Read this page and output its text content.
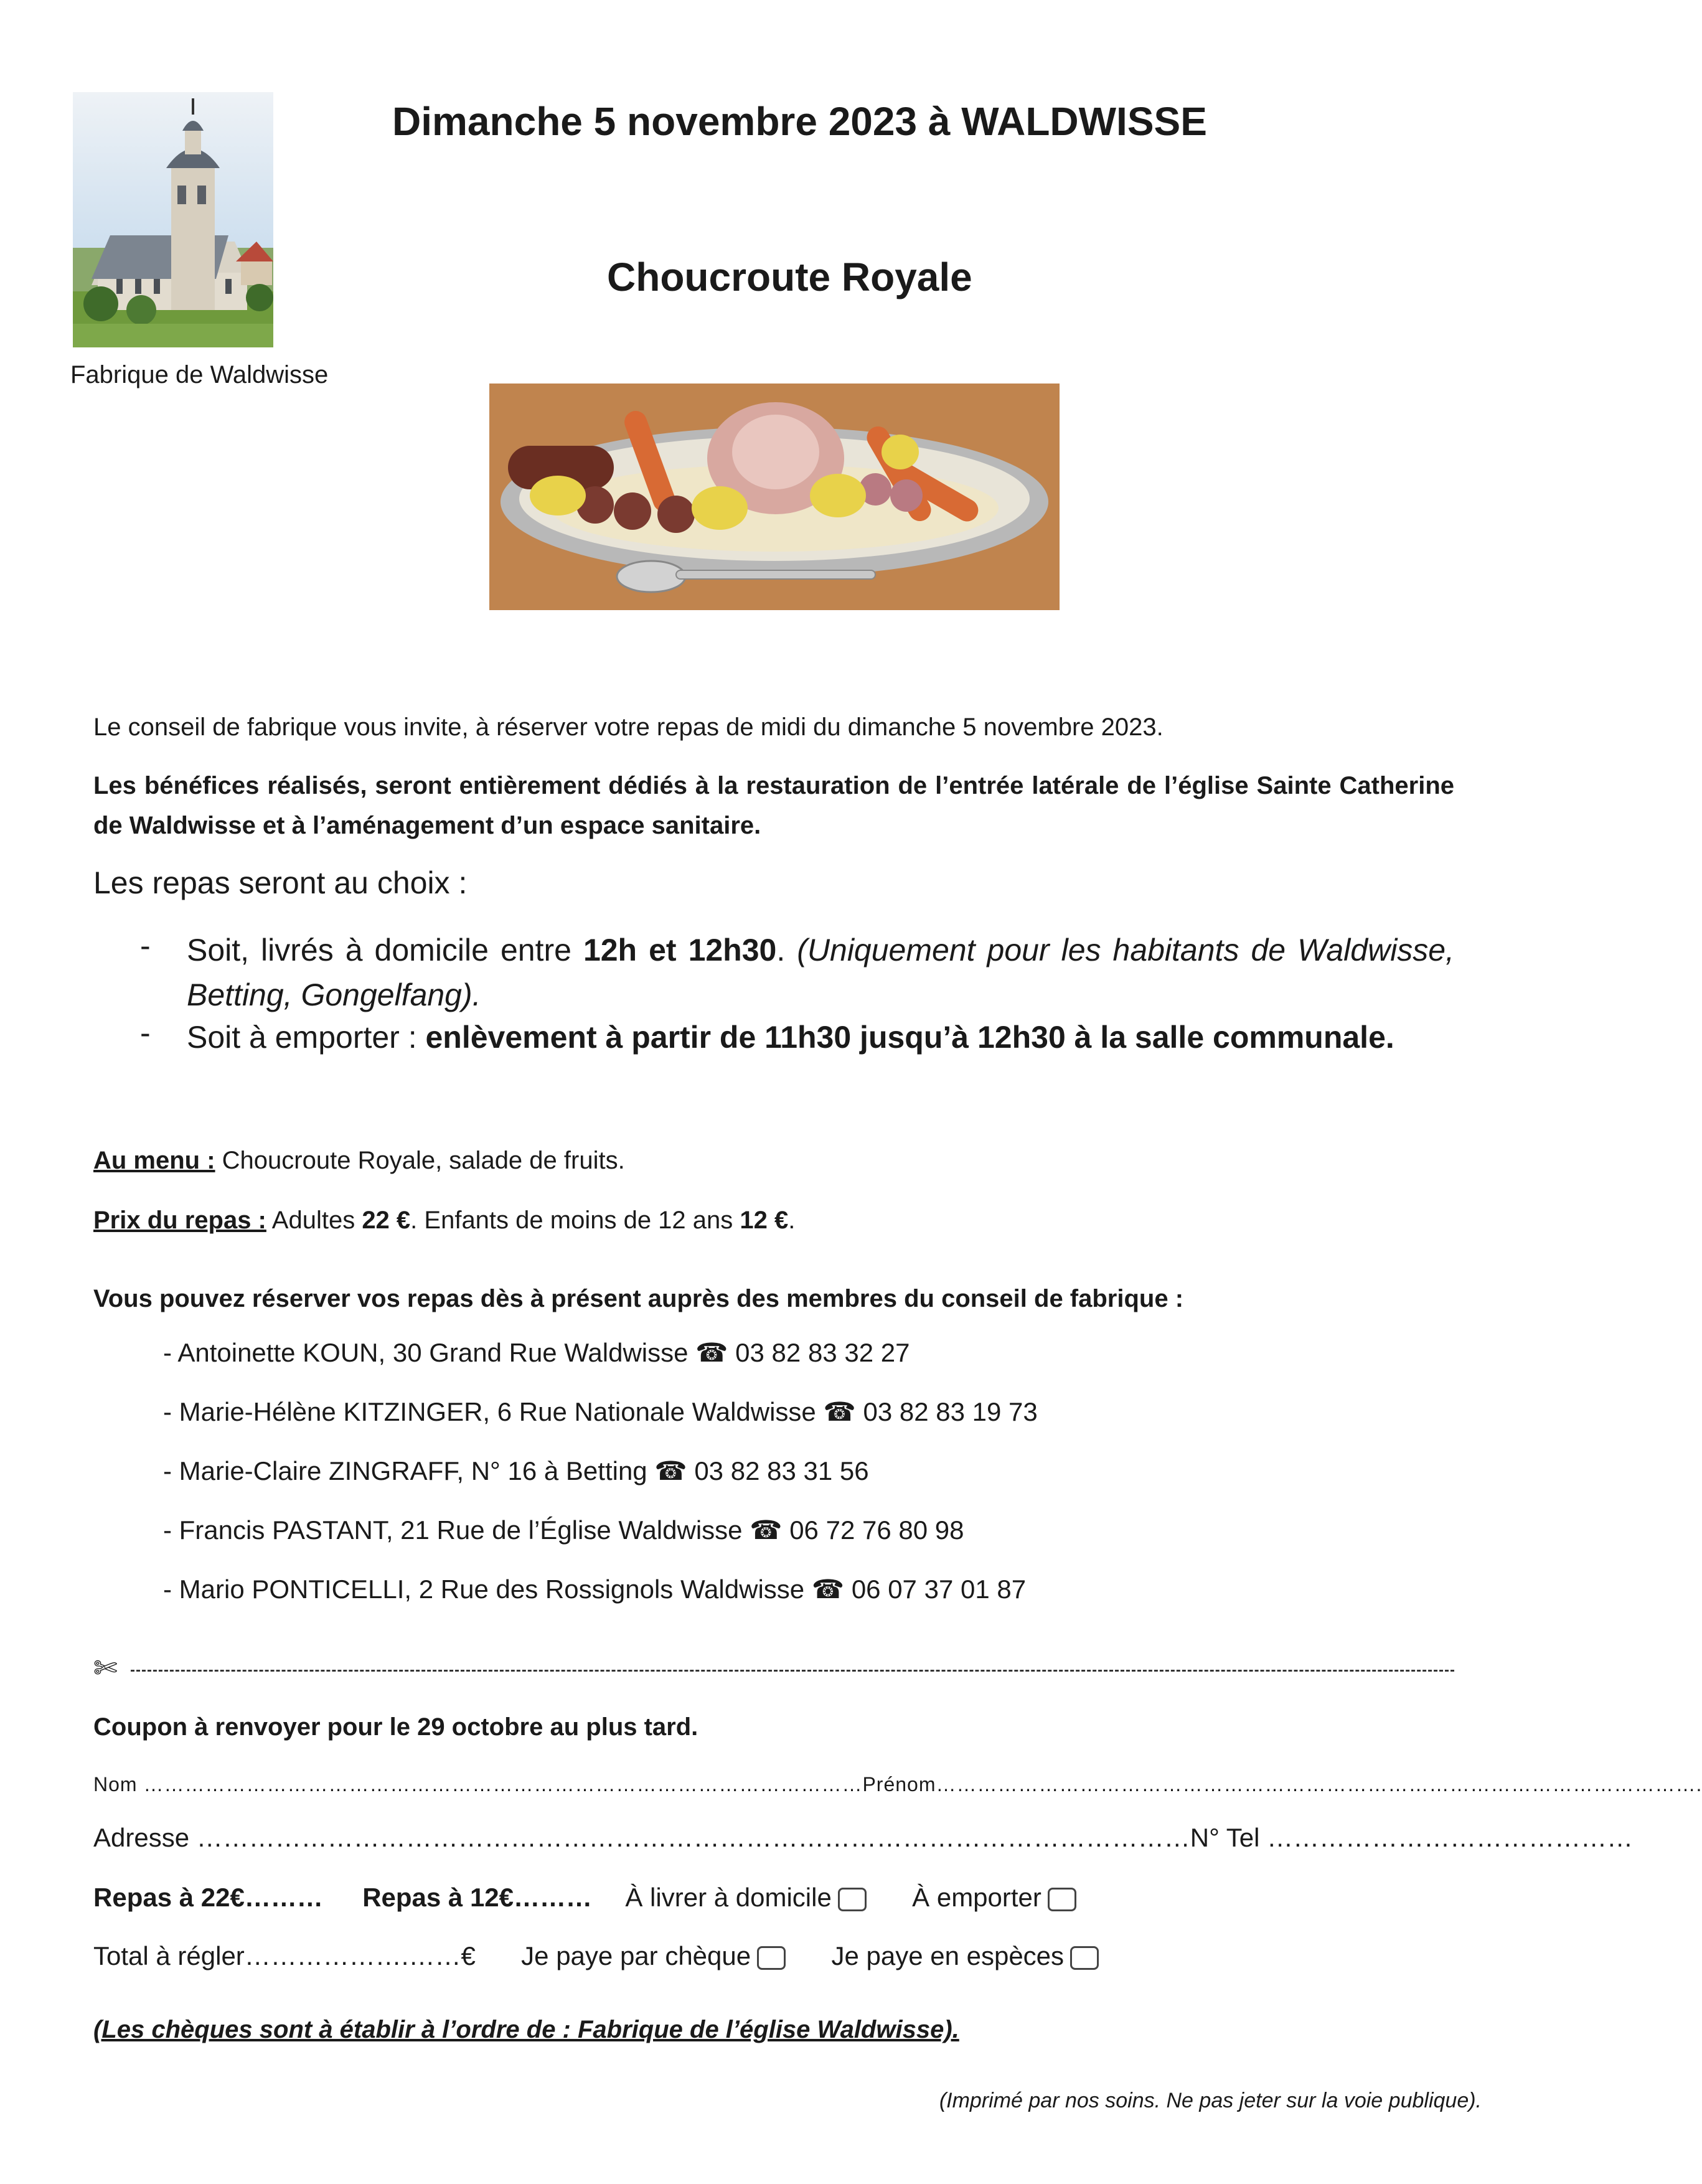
Fabrique de Waldwisse
Dimanche 5 novembre 2023 à WALDWISSE
Choucroute Royale
Le conseil de fabrique vous invite, à réserver votre repas de midi du dimanche 5 novembre 2023.
Les bénéfices réalisés, seront entièrement dédiés à la restauration de l’entrée latérale de l’église Sainte Catherine de Waldwisse et à l’aménagement d’un espace sanitaire.
Les repas seront au choix :
- Soit, livrés à domicile entre 12h et 12h30. (Uniquement pour les habitants de Waldwisse, Betting, Gongelfang).
- Soit à emporter : enlèvement à partir de 11h30 jusqu’à 12h30 à la salle communale.
Au menu : Choucroute Royale, salade de fruits.
Prix du repas : Adultes 22 €. Enfants de moins de 12 ans 12 €.
Vous pouvez réserver vos repas dès à présent auprès des membres du conseil de fabrique :
- Antoinette KOUN, 30 Grand Rue Waldwisse ☎ 03 82 83 32 27
- Marie-Hélène KITZINGER, 6 Rue Nationale Waldwisse ☎ 03 82 83 19 73
- Marie-Claire ZINGRAFF, N° 16 à Betting ☎ 03 82 83 31 56
- Francis PASTANT, 21 Rue de l’Église Waldwisse ☎ 06 72 76 80 98
- Mario PONTICELLI, 2 Rue des Rossignols Waldwisse ☎ 06 07 37 01 87
✄
Coupon à renvoyer pour le 29 octobre au plus tard.
Nom ……………………………………………………………………………………………Prénom………………………………………………………………………………………………….
Adresse ……………………………………………………………………………………………………N° Tel ……………………………………
Repas à 22€……… Repas à 12€……… À livrer à domicile	À emporter
Total à régler……………….……€ Je paye par chèque	Je paye en espèces
(Les chèques sont à établir à l’ordre de : Fabrique de l’église Waldwisse).
(Imprimé par nos soins. Ne pas jeter sur la voie publique).
